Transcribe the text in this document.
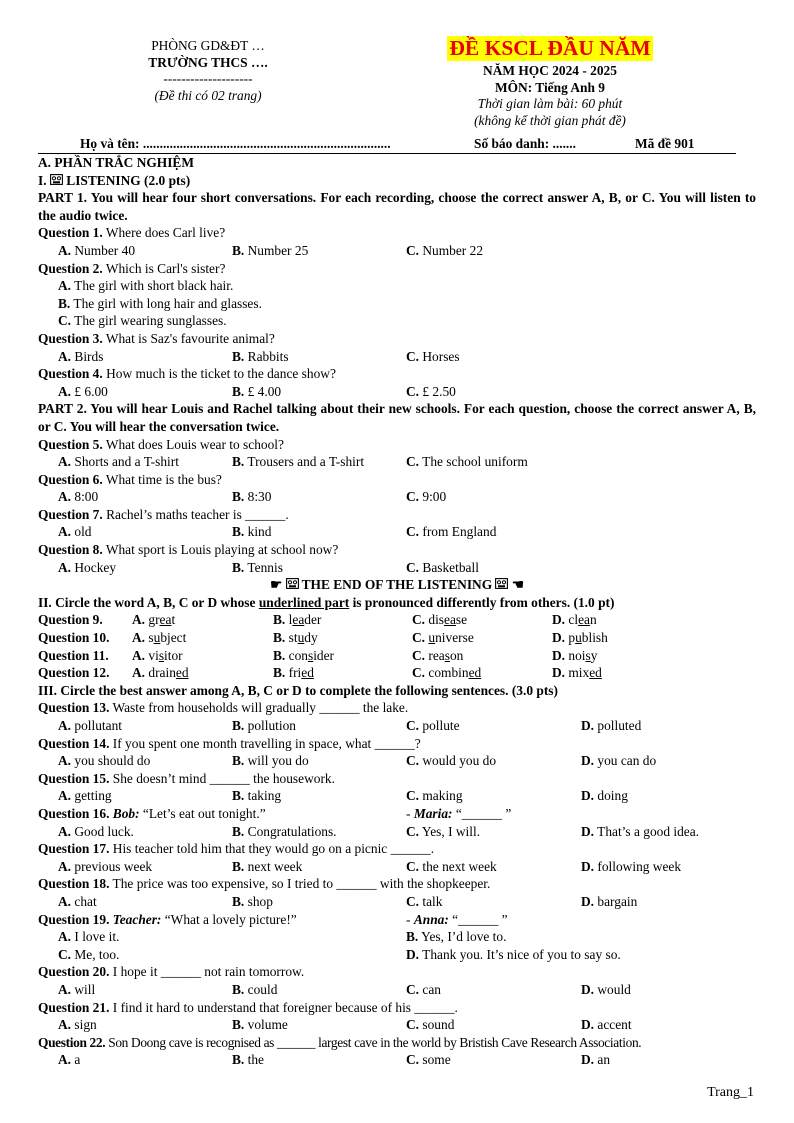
PHÒNG GD&ĐT …
TRƯỜNG THCS ….
--------------------
(Đề thi có 02 trang)
ĐỀ KSCL ĐẦU NĂM
NĂM HỌC 2024 - 2025
MÔN: Tiếng Anh 9
Thời gian làm bài: 60 phút
(không kể thời gian phát đề)
Họ và tên: ..........................................................................	Số báo danh: .......	Mã đề 901
A. PHẦN TRẮC NGHIỆM
I. LISTENING (2.0 pts)
PART 1. You will hear four short conversations. For each recording, choose the correct answer A, B, or C. You will listen to the audio twice.
Question 1. Where does Carl live?
A. Number 40	B. Number 25	C. Number 22
Question 2. Which is Carl's sister?
A. The girl with short black hair.
B. The girl with long hair and glasses.
C. The girl wearing sunglasses.
Question 3. What is Saz's favourite animal?
A. Birds	B. Rabbits	C. Horses
Question 4. How much is the ticket to the dance show?
A. £ 6.00	B. £ 4.00	C. £ 2.50
PART 2. You will hear Louis and Rachel talking about their new schools. For each question, choose the correct answer A, B, or C. You will hear the conversation twice.
Question 5. What does Louis wear to school?
A. Shorts and a T-shirt	B. Trousers and a T-shirt	C. The school uniform
Question 6. What time is the bus?
A. 8:00	B. 8:30	C. 9:00
Question 7. Rachel’s maths teacher is ______.
A. old	B. kind	C. from England
Question 8. What sport is Louis playing at school now?
A. Hockey	B. Tennis	C. Basketball
☛ THE END OF THE LISTENING ☚
II. Circle the word A, B, C or D whose underlined part is pronounced differently from others. (1.0 pt)
Question 9. A. great	B. leader	C. disease	D. clean
Question 10. A. subject	B. study	C. universe	D. publish
Question 11. A. visitor	B. consider	C. reason	D. noisy
Question 12. A. drained	B. fried	C. combined	D. mixed
III. Circle the best answer among A, B, C or D to complete the following sentences. (3.0 pts)
Question 13. Waste from households will gradually ______ the lake.
A. pollutant	B. pollution	C. pollute	D. polluted
Question 14. If you spent one month travelling in space, what ______?
A. you should do	B. will you do	C. would you do	D. you can do
Question 15. She doesn’t mind ______ the housework.
A. getting	B. taking	C. making	D. doing
Question 16. Bob: “Let’s eat out tonight.”	- Maria: “______ ”
A. Good luck.	B. Congratulations.	C. Yes, I will.	D. That’s a good idea.
Question 17. His teacher told him that they would go on a picnic ______.
A. previous week	B. next week	C. the next week	D. following week
Question 18. The price was too expensive, so I tried to ______ with the shopkeeper.
A. chat	B. shop	C. talk	D. bargain
Question 19. Teacher: “What a lovely picture!”	- Anna: “______ ”
A. I love it.	B. Yes, I’d love to.
C. Me, too.	D. Thank you. It’s nice of you to say so.
Question 20. I hope it ______ not rain tomorrow.
A. will	B. could	C. can	D. would
Question 21. I find it hard to understand that foreigner because of his ______.
A. sign	B. volume	C. sound	D. accent
Question 22. Son Doong cave is recognised as ______ largest cave in the world by Bristish Cave Research Association.
A. a	B. the	C. some	D. an
Trang_1
